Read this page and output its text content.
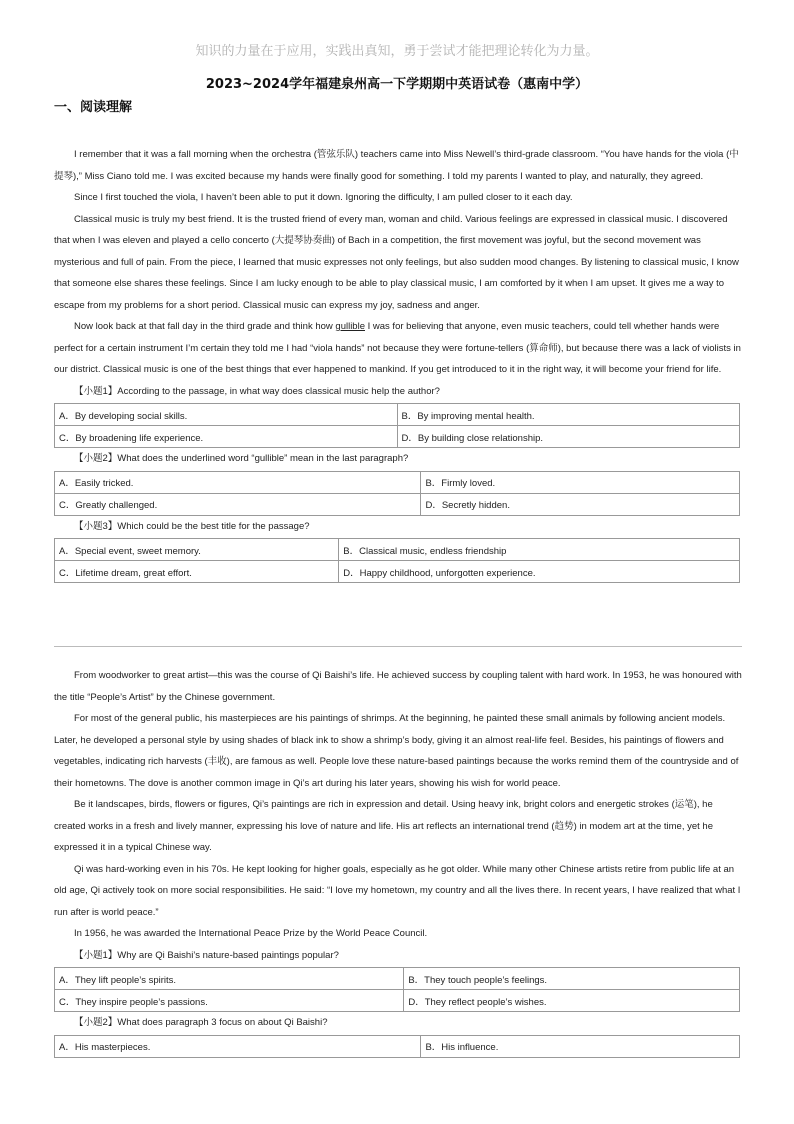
知识的力量在于应用，实践出真知，勇于尝试才能把理论转化为力量。
2023~2024学年福建泉州高一下学期期中英语试卷（惠南中学）
一、阅读理解

I remember that it was a fall morning when the orchestra (管弦乐队) teachers came into Miss Newell’s third-grade classroom. “You have hands for the viola (中提琴),” Miss Ciano told me. I was excited because my hands were finally good for something. I told my parents I wanted to play, and naturally, they agreed.

Since I first touched the viola, I haven’t been able to put it down. Ignoring the difficulty, I am pulled closer to it each day.

Classical music is truly my best friend. It is the trusted friend of every man, woman and child. Various feelings are expressed in classical music. I discovered that when I was eleven and played a cello concerto (大提琴协奏曲) of Bach in a competition, the first movement was joyful, but the second movement was mysterious and full of pain. From the piece, I learned that music expresses not only feelings, but also sudden mood changes. By listening to classical music, I know that someone else shares these feelings. Since I am lucky enough to be able to play classical music, I am comforted by it when I am upset. It gives me a way to escape from my problems for a short period. Classical music can express my joy, sadness and anger.

Now look back at that fall day in the third grade and think how gullible I was for believing that anyone, even music teachers, could tell whether hands were perfect for a certain instrument I’m certain they told me I had “viola hands” not because they were fortune-tellers (算命师), but because there was a lack of violists in our district. Classical music is one of the best things that ever happened to mankind. If you get introduced to it in the right way, it will become your friend for life.

【小题1】According to the passage, in what way does classical music help the author?

A．By developing social skills.	B．By improving mental health.
C．By broadening life experience.	D．By building close relationship.

【小题2】What does the underlined word “gullible” mean in the last paragraph?

A．Easily tricked.	B．Firmly loved.
C．Greatly challenged.	D．Secretly hidden.

【小题3】Which could be the best title for the passage?

A．Special event, sweet memory.	B．Classical music, endless friendship
C．Lifetime dream, great effort.	D．Happy childhood, unforgotten experience.

From woodworker to great artist—this was the course of Qi Baishi’s life. He achieved success by coupling talent with hard work. In 1953, he was honoured with the title “People’s Artist” by the Chinese government.

For most of the general public, his masterpieces are his paintings of shrimps. At the beginning, he painted these small animals by following ancient models. Later, he developed a personal style by using shades of black ink to show a shrimp’s body, giving it an almost real-life feel. Besides, his paintings of flowers and vegetables, indicating rich harvests (丰收), are famous as well. People love these nature-based paintings because the works remind them of the countryside and of their hometowns. The dove is another common image in Qi’s art during his later years, showing his wish for world peace.

Be it landscapes, birds, flowers or figures, Qi’s paintings are rich in expression and detail. Using heavy ink, bright colors and energetic strokes (运笔), he created works in a fresh and lively manner, expressing his love of nature and life. His art reflects an international trend (趋势) in modem art at the time, yet he expressed it in a typical Chinese way.

Qi was hard-working even in his 70s. He kept looking for higher goals, especially as he got older. While many other Chinese artists retire from public life at an old age, Qi actively took on more social responsibilities. He said: “I love my hometown, my country and all the lives there. In recent years, I have realized that what I run after is world peace.”

In 1956, he was awarded the International Peace Prize by the World Peace Council.

【小题1】Why are Qi Baishi’s nature-based paintings popular?

A．They lift people’s spirits.	B．They touch people’s feelings.
C．They inspire people’s passions.	D．They reflect people’s wishes.

【小题2】What does paragraph 3 focus on about Qi Baishi?

A．His masterpieces.	B．His influence.
